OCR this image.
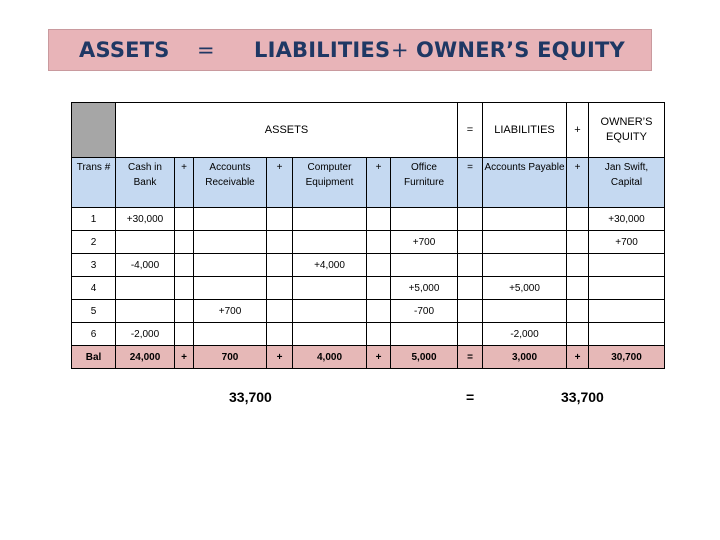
ASSETS = LIABILITIES + OWNER’S EQUITY
	ASSETS							=	LIABILITIES	+	OWNER’S EQUITY
Trans #	Cash in Bank	+	Accounts Receivable	+	Computer Equipment	+	Office Furniture	=	Accounts Payable	+	Jan Swift, Capital
1	+30,000										+30,000
2							+700				+700
3	-4,000				+4,000						
4							+5,000		+5,000		
5			+700				-700				
6	-2,000								-2,000		
Bal	24,000	+	700	+	4,000	+	5,000	=	3,000	+	30,700
33,700	=	33,700
